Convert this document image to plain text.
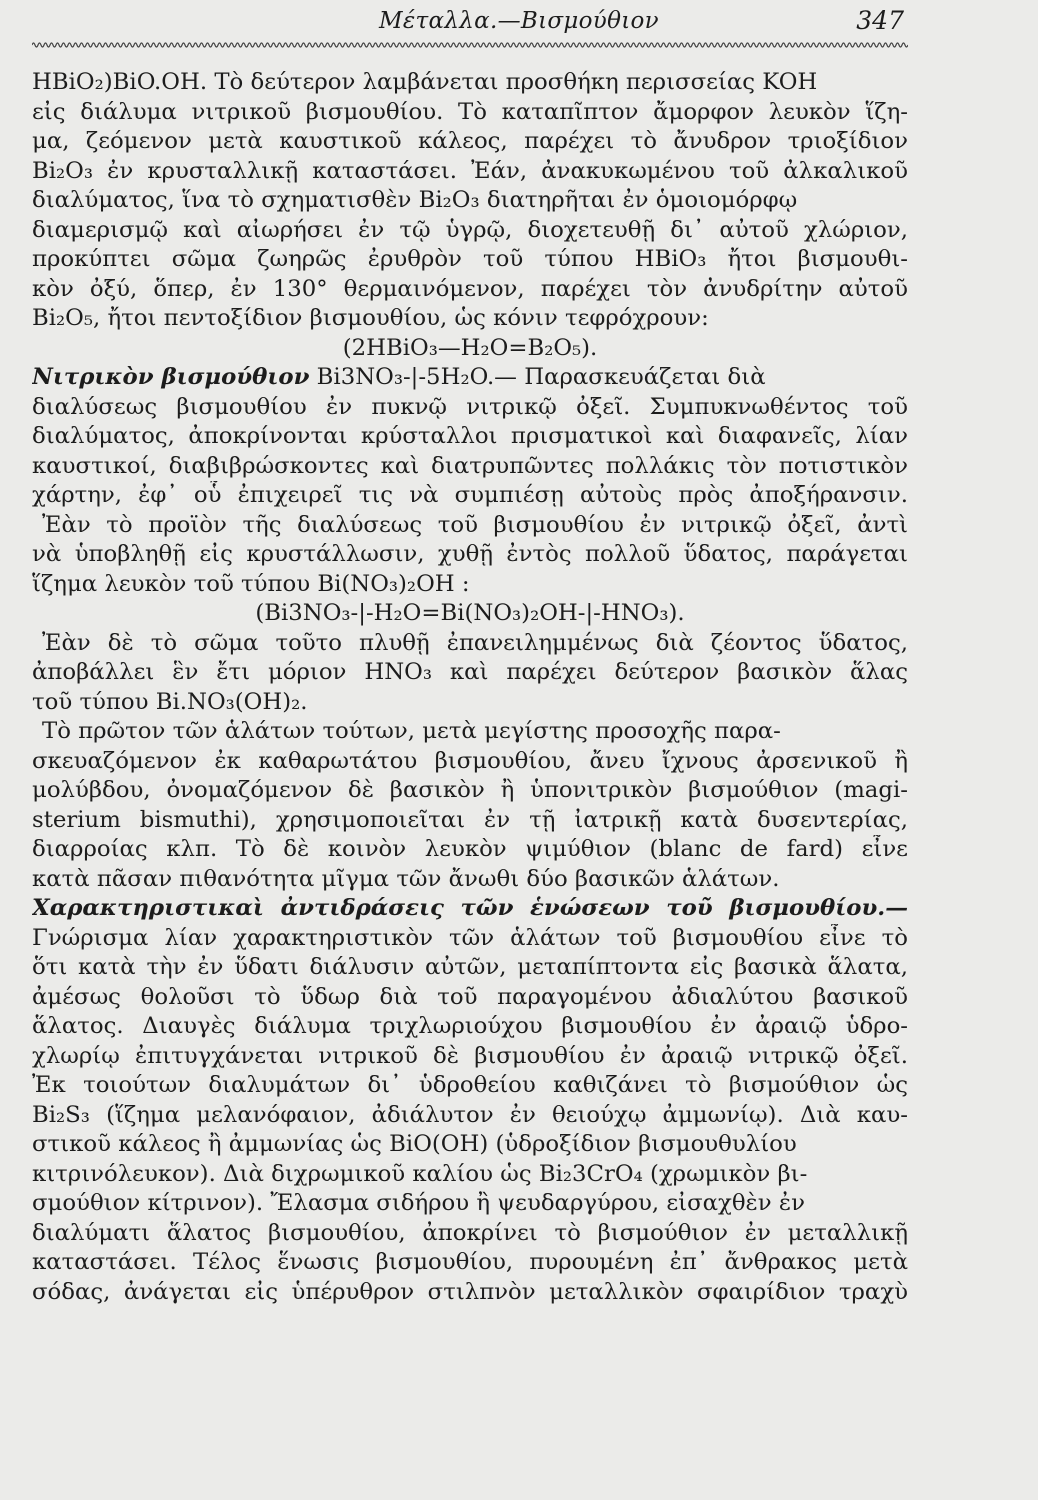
Μέταλλα.—Βισμούθιον	347
HBiO₂)BiO.OH. Τὸ δεύτερον λαμβάνεται προσθήκη περισσείας KOH
εἰς διάλυμα νιτρικοῦ βισμουθίου. Τὸ καταπῖπτον ἄμορφον λευκὸν ἵζη-
μα, ζεόμενον μετὰ καυστικοῦ κάλεος, παρέχει τὸ ἄνυδρον τριοξίδιον
Bi₂O₃ ἐν κρυσταλλικῇ καταστάσει. Ἐάν, ἀνακυκωμένου τοῦ ἀλκαλικοῦ
διαλύματος, ἵνα τὸ σχηματισθὲν Bi₂O₃ διατηρῆται ἐν ὁμοιομόρφῳ
διαμερισμῷ καὶ αἰωρήσει ἐν τῷ ὑγρῷ, διοχετευθῇ δι᾽ αὐτοῦ χλώριον,
προκύπτει σῶμα ζωηρῶς ἐρυθρὸν τοῦ τύπου HBiO₃ ἤτοι βισμουθι-
κὸν ὀξύ, ὅπερ, ἐν 130° θερμαινόμενον, παρέχει τὸν ἀνυδρίτην αὐτοῦ
Bi₂O₅, ἤτοι πεντοξίδιον βισμουθίου, ὡς κόνιν τεφρόχρουν:
(2HBiO₃—H₂O=B₂O₅).
Νιτρικὸν βισμούθιον Bi3NO₃-|-5H₂O.— Παρασκευάζεται διὰ
διαλύσεως βισμουθίου ἐν πυκνῷ νιτρικῷ ὀξεῖ. Συμπυκνωθέντος τοῦ
διαλύματος, ἀποκρίνονται κρύσταλλοι πρισματικοὶ καὶ διαφανεῖς, λίαν
καυστικοί, διαβιβρώσκοντες καὶ διατρυπῶντες πολλάκις τὸν ποτιστικὸν
χάρτην, ἐφ᾽ οὗ ἐπιχειρεῖ τις νὰ συμπιέσῃ αὐτοὺς πρὸς ἀποξήρανσιν.
Ἐὰν τὸ προϊὸν τῆς διαλύσεως τοῦ βισμουθίου ἐν νιτρικῷ ὀξεῖ, ἀντὶ
νὰ ὑποβληθῇ εἰς κρυστάλλωσιν, χυθῇ ἐντὸς πολλοῦ ὕδατος, παράγεται
ἵζημα λευκὸν τοῦ τύπου Bi(NO₃)₂OH :
(Bi3NO₃-|-H₂O=Bi(NO₃)₂OH-|-HNO₃).
Ἐὰν δὲ τὸ σῶμα τοῦτο πλυθῇ ἐπανειλημμένως διὰ ζέοντος ὕδατος,
ἀποβάλλει ἓν ἔτι μόριον HNO₃ καὶ παρέχει δεύτερον βασικὸν ἅλας
τοῦ τύπου Bi.NO₃(OH)₂.
Τὸ πρῶτον τῶν ἁλάτων τούτων, μετὰ μεγίστης προσοχῆς παρα-
σκευαζόμενον ἐκ καθαρωτάτου βισμουθίου, ἄνευ ἴχνους ἀρσενικοῦ ἢ
μολύβδου, ὀνομαζόμενον δὲ βασικὸν ἢ ὑπονιτρικὸν βισμούθιον (magi-
sterium bismuthi), χρησιμοποιεῖται ἐν τῇ ἰατρικῇ κατὰ δυσεντερίας,
διαρροίας κλπ. Τὸ δὲ κοινὸν λευκὸν ψιμύθιον (blanc de fard) εἶνε
κατὰ πᾶσαν πιθανότητα μῖγμα τῶν ἄνωθι δύο βασικῶν ἁλάτων.
Χαρακτηριστικαὶ ἀντιδράσεις τῶν ἑνώσεων τοῦ βισμουθίου.—
Γνώρισμα λίαν χαρακτηριστικὸν τῶν ἁλάτων τοῦ βισμουθίου εἶνε τὸ
ὅτι κατὰ τὴν ἐν ὕδατι διάλυσιν αὐτῶν, μεταπίπτοντα εἰς βασικὰ ἅλατα,
ἀμέσως θολοῦσι τὸ ὕδωρ διὰ τοῦ παραγομένου ἀδιαλύτου βασικοῦ
ἅλατος. Διαυγὲς διάλυμα τριχλωριούχου βισμουθίου ἐν ἀραιῷ ὑδρο-
χλωρίῳ ἐπιτυγχάνεται νιτρικοῦ δὲ βισμουθίου ἐν ἀραιῷ νιτρικῷ ὀξεῖ.
Ἐκ τοιούτων διαλυμάτων δι᾽ ὑδροθείου καθιζάνει τὸ βισμούθιον ὡς
Bi₂S₃ (ἵζημα μελανόφαιον, ἀδιάλυτον ἐν θειούχῳ ἀμμωνίῳ). Διὰ καυ-
στικοῦ κάλεος ἢ ἀμμωνίας ὡς BiO(OH) (ὑδροξίδιον βισμουθυλίου
κιτρινόλευκον). Διὰ διχρωμικοῦ καλίου ὡς Bi₂3CrO₄ (χρωμικὸν βι-
σμούθιον κίτρινον). Ἔλασμα σιδήρου ἢ ψευδαργύρου, εἰσαχθὲν ἐν
διαλύματι ἅλατος βισμουθίου, ἀποκρίνει τὸ βισμούθιον ἐν μεταλλικῇ
καταστάσει. Τέλος ἕνωσις βισμουθίου, πυρουμένη ἐπ᾽ ἄνθρακος μετὰ
σόδας, ἀνάγεται εἰς ὑπέρυθρον στιλπνὸν μεταλλικὸν σφαιρίδιον τραχὺ
